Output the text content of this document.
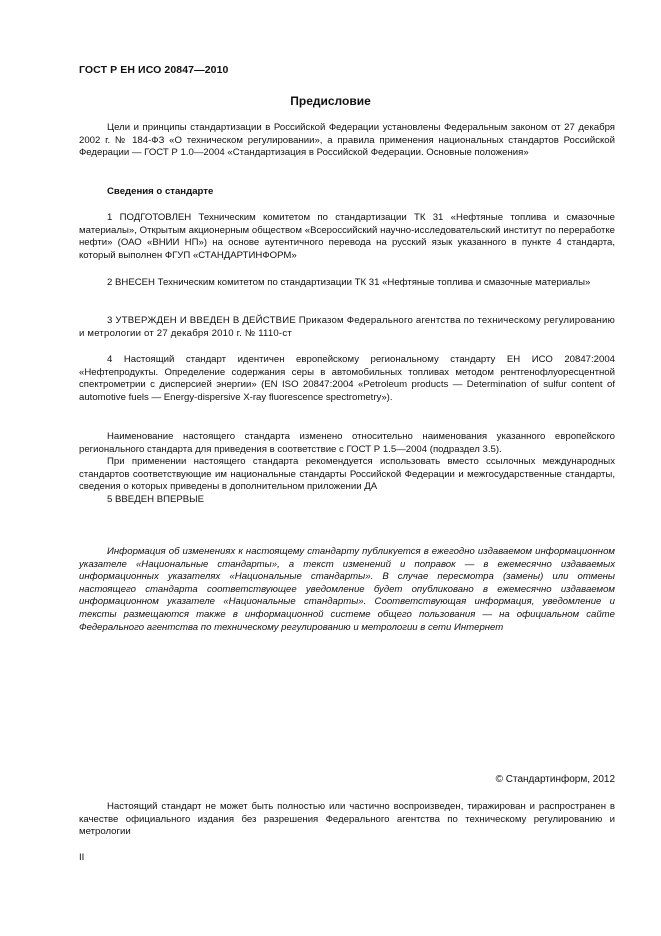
ГОСТ Р ЕН ИСО 20847—2010
Предисловие

Цели и принципы стандартизации в Российской Федерации установлены Федеральным законом от 27 декабря 2002 г. № 184-ФЗ «О техническом регулировании», а правила применения национальных стандартов Российской Федерации — ГОСТ Р 1.0—2004 «Стандартизация в Российской Федерации. Основные положения»

Сведения о стандарте

1 ПОДГОТОВЛЕН Техническим комитетом по стандартизации ТК 31 «Нефтяные топлива и смазочные материалы», Открытым акционерным обществом «Всероссийский научно-исследовательский институт по переработке нефти» (ОАО «ВНИИ НП») на основе аутентичного перевода на русский язык указанного в пункте 4 стандарта, который выполнен ФГУП «СТАНДАРТИНФОРМ»

2 ВНЕСЕН Техническим комитетом по стандартизации ТК 31 «Нефтяные топлива и смазочные материалы»

3 УТВЕРЖДЕН И ВВЕДЕН В ДЕЙСТВИЕ Приказом Федерального агентства по техническому регулированию и метрологии от 27 декабря 2010 г. № 1110-ст

4 Настоящий стандарт идентичен европейскому региональному стандарту ЕН ИСО 20847:2004 «Нефтепродукты. Определение содержания серы в автомобильных топливах методом рентгенофлуоресцентной спектрометрии с дисперсией энергии» (EN ISO 20847:2004 «Petroleum products — Determination of sulfur content of automotive fuels — Energy-dispersive X-ray fluorescence spectrometry»).

Наименование настоящего стандарта изменено относительно наименования указанного европейского регионального стандарта для приведения в соответствие с ГОСТ Р 1.5—2004 (подраздел 3.5).

При применении настоящего стандарта рекомендуется использовать вместо ссылочных международных стандартов соответствующие им национальные стандарты Российской Федерации и межгосударственные стандарты, сведения о которых приведены в дополнительном приложении ДА

5 ВВЕДЕН ВПЕРВЫЕ

Информация об изменениях к настоящему стандарту публикуется в ежегодно издаваемом информационном указателе «Национальные стандарты», а текст изменений и поправок — в ежемесячно издаваемых информационных указателях «Национальные стандарты». В случае пересмотра (замены) или отмены настоящего стандарта соответствующее уведомление будет опубликовано в ежемесячно издаваемом информационном указателе «Национальные стандарты». Соответствующая информация, уведомление и тексты размещаются также в информационной системе общего пользования — на официальном сайте Федерального агентства по техническому регулированию и метрологии в сети Интернет

© Стандартинформ, 2012

Настоящий стандарт не может быть полностью или частично воспроизведен, тиражирован и распространен в качестве официального издания без разрешения Федерального агентства по техническому регулированию и метрологии

II
